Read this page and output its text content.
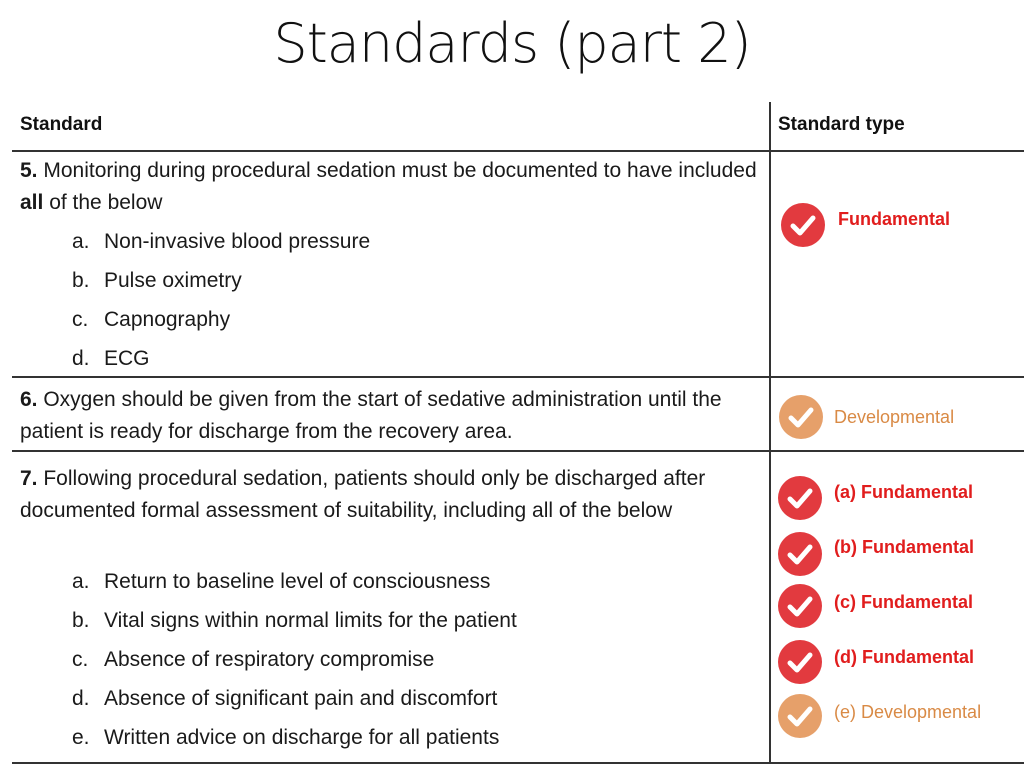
Standards (part 2)
Standard	Standard type
5. Monitoring during procedural sedation must be documented to have included all of the below
a. Non-invasive blood pressure
b. Pulse oximetry
c. Capnography
d. ECG
Fundamental
6. Oxygen should be given from the start of sedative administration until the patient is ready for discharge from the recovery area.
Developmental
7. Following procedural sedation, patients should only be discharged after documented formal assessment of suitability, including all of the below
a. Return to baseline level of consciousness
b. Vital signs within normal limits for the patient
c. Absence of respiratory compromise
d. Absence of significant pain and discomfort
e. Written advice on discharge for all patients
(a) Fundamental
(b) Fundamental
(c) Fundamental
(d) Fundamental
(e) Developmental
